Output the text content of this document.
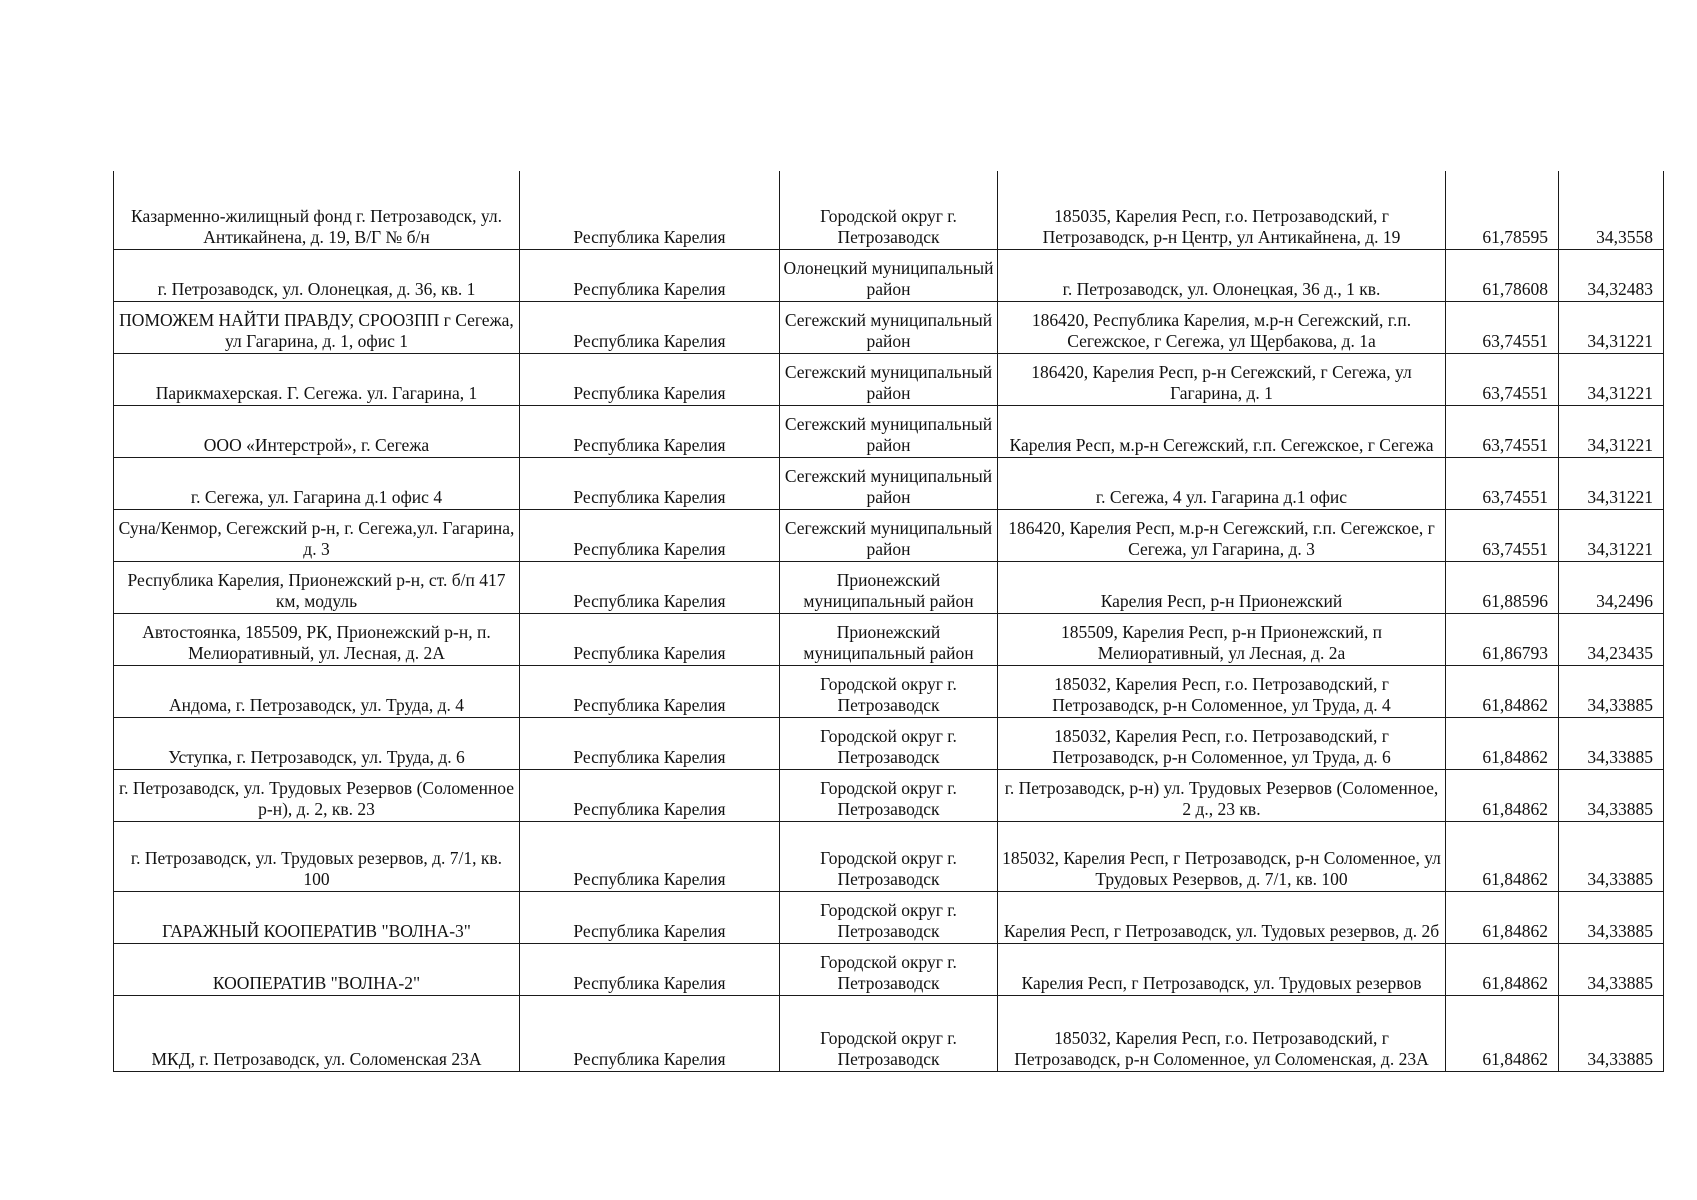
Казарменно-жилищный фонд г. Петрозаводск, ул. Антикайнена, д. 19, В/Г № б/н	Республика Карелия	Городской округ г. Петрозаводск	185035, Карелия Респ, г.о. Петрозаводский, г Петрозаводск, р-н Центр, ул Антикайнена, д. 19	61,78595	34,3558
г. Петрозаводск, ул. Олонецкая, д. 36, кв. 1	Республика Карелия	Олонецкий муниципальный район	г. Петрозаводск, ул. Олонецкая, 36 д., 1 кв.	61,78608	34,32483
ПОМОЖЕМ НАЙТИ ПРАВДУ, СРООЗПП г Сегежа, ул Гагарина, д. 1, офис 1	Республика Карелия	Сегежский муниципальный район	186420, Республика Карелия, м.р-н Сегежский, г.п. Сегежское, г Сегежа, ул Щербакова, д. 1а	63,74551	34,31221
Парикмахерская. Г. Сегежа. ул. Гагарина, 1	Республика Карелия	Сегежский муниципальный район	186420, Карелия Респ, р-н Сегежский, г Сегежа, ул Гагарина, д. 1	63,74551	34,31221
ООО «Интерстрой», г. Сегежа	Республика Карелия	Сегежский муниципальный район	Карелия Респ, м.р-н Сегежский, г.п. Сегежское, г Сегежа	63,74551	34,31221
г. Сегежа, ул. Гагарина д.1 офис 4	Республика Карелия	Сегежский муниципальный район	г. Сегежа, 4 ул. Гагарина д.1 офис	63,74551	34,31221
Суна/Кенмор, Сегежский р-н, г. Сегежа,ул. Гагарина, д. 3	Республика Карелия	Сегежский муниципальный район	186420, Карелия Респ, м.р-н Сегежский, г.п. Сегежское, г Сегежа, ул Гагарина, д. 3	63,74551	34,31221
Республика Карелия, Прионежский р-н, ст. б/п 417 км, модуль	Республика Карелия	Прионежский муниципальный район	Карелия Респ, р-н Прионежский	61,88596	34,2496
Автостоянка, 185509, РК, Прионежский р-н, п. Мелиоративный, ул. Лесная, д. 2А	Республика Карелия	Прионежский муниципальный район	185509, Карелия Респ, р-н Прионежский, п Мелиоративный, ул Лесная, д. 2а	61,86793	34,23435
Андома, г. Петрозаводск, ул. Труда, д. 4	Республика Карелия	Городской округ г. Петрозаводск	185032, Карелия Респ, г.о. Петрозаводский, г Петрозаводск, р-н Соломенное, ул Труда, д. 4	61,84862	34,33885
Уступка, г. Петрозаводск, ул. Труда, д. 6	Республика Карелия	Городской округ г. Петрозаводск	185032, Карелия Респ, г.о. Петрозаводский, г Петрозаводск, р-н Соломенное, ул Труда, д. 6	61,84862	34,33885
г. Петрозаводск, ул. Трудовых Резервов (Соломенное р-н), д. 2, кв. 23	Республика Карелия	Городской округ г. Петрозаводск	г. Петрозаводск, р-н) ул. Трудовых Резервов (Соломенное, 2 д., 23 кв.	61,84862	34,33885
г. Петрозаводск, ул. Трудовых резервов, д. 7/1, кв. 100	Республика Карелия	Городской округ г. Петрозаводск	185032, Карелия Респ, г Петрозаводск, р-н Соломенное, ул Трудовых Резервов, д. 7/1, кв. 100	61,84862	34,33885
ГАРАЖНЫЙ КООПЕРАТИВ "ВОЛНА-3"	Республика Карелия	Городской округ г. Петрозаводск	Карелия Респ, г Петрозаводск, ул. Тудовых резервов, д. 2б	61,84862	34,33885
КООПЕРАТИВ "ВОЛНА-2"	Республика Карелия	Городской округ г. Петрозаводск	Карелия Респ, г Петрозаводск, ул. Трудовых резервов	61,84862	34,33885
МКД, г. Петрозаводск, ул. Соломенская 23А	Республика Карелия	Городской округ г. Петрозаводск	185032, Карелия Респ, г.о. Петрозаводский, г Петрозаводск, р-н Соломенное, ул Соломенская, д. 23А	61,84862	34,33885
